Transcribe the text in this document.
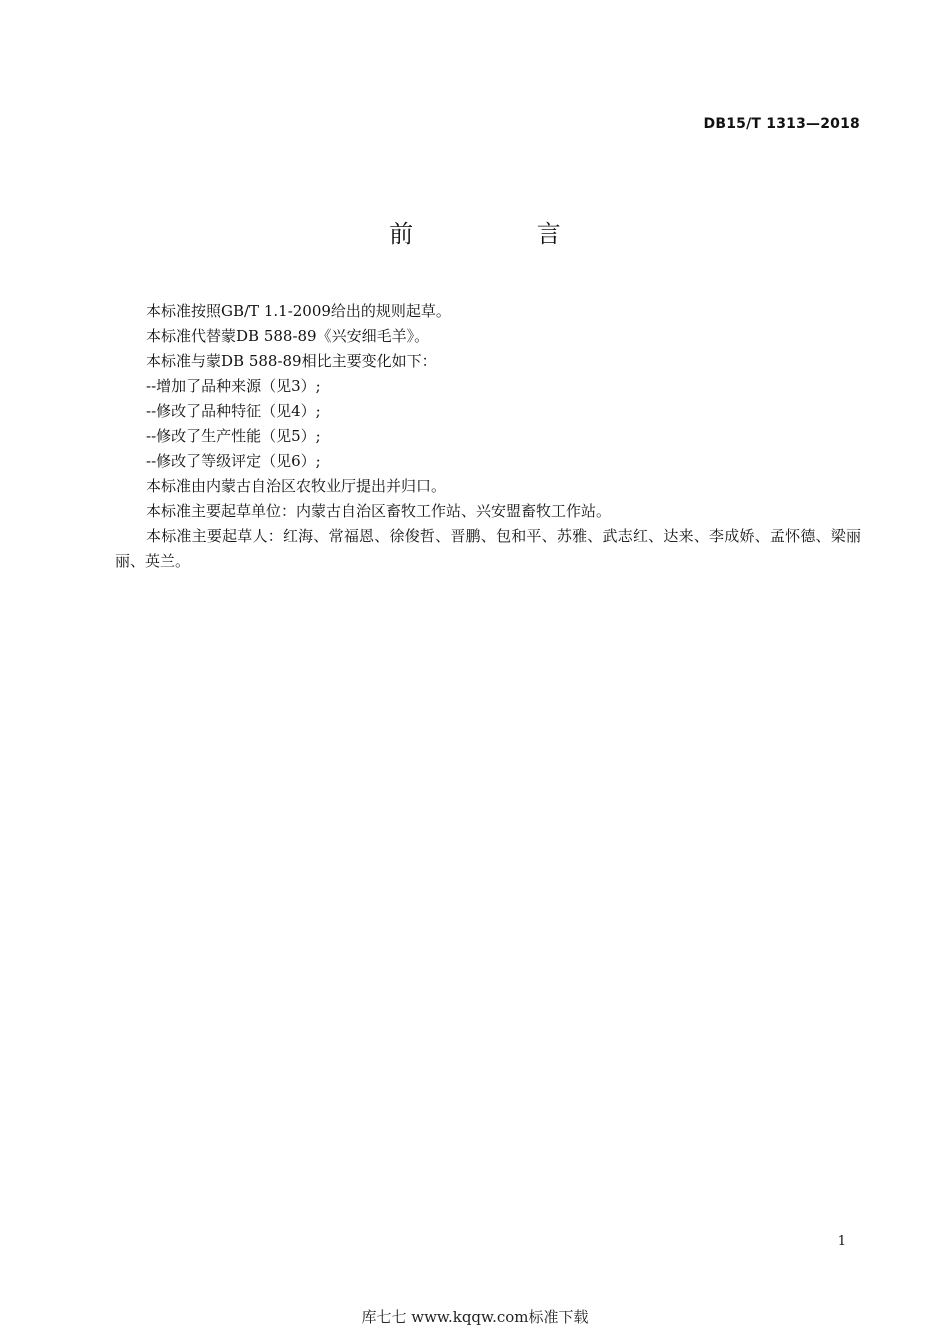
DB15/T 1313—2018
前 言

本标准按照GB/T 1.1-2009给出的规则起草。

本标准代替蒙DB 588-89《兴安细毛羊》。

本标准与蒙DB 588-89相比主要变化如下：

--增加了品种来源（见3）;

--修改了品种特征（见4）;

--修改了生产性能（见5）;

--修改了等级评定（见6）;

本标准由内蒙古自治区农牧业厅提出并归口。

本标准主要起草单位：内蒙古自治区畜牧工作站、兴安盟畜牧工作站。

本标准主要起草人：红海、常福恩、徐俊哲、晋鹏、包和平、苏雅、武志红、达来、李成娇、孟怀德、梁丽丽、英兰。

1
库七七 www.kqqw.com标准下载
